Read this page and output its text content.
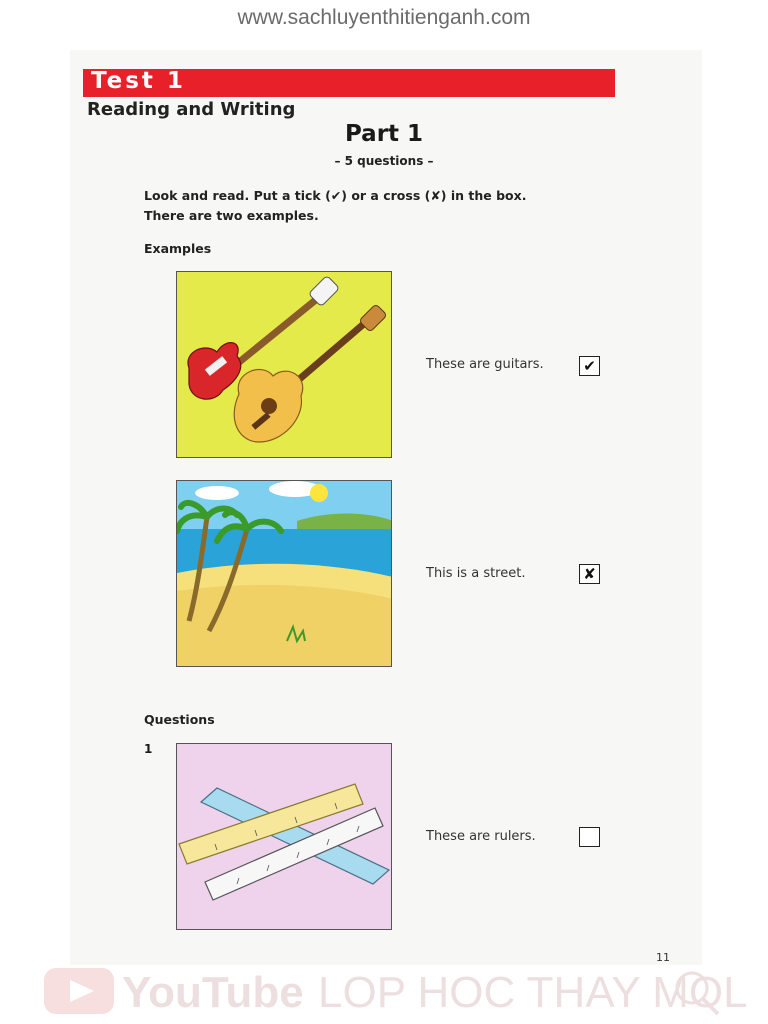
www.sachluyenthitienganh.com
Test 1
Reading and Writing
Part 1
– 5 questions –
Look and read. Put a tick (✔) or a cross (✘) in the box.
There are two examples.
Examples
These are guitars.	✔
This is a street.	✘
Questions
1
These are rulers.
11
YouTube LOP HOC THAY MOL
